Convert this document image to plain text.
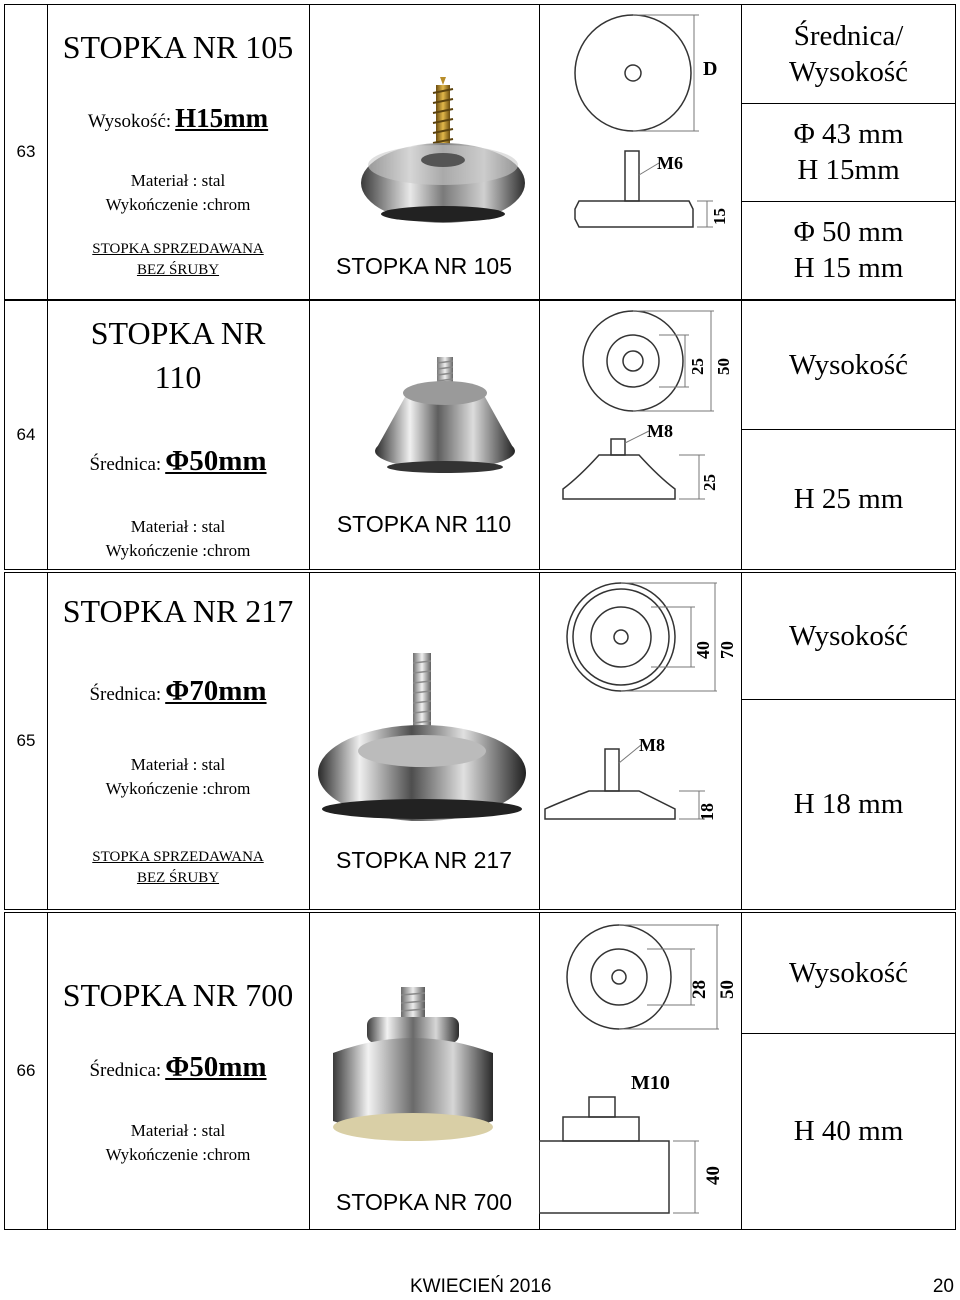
63
STOPKA NR 105
Wysokość: H15mm
Materiał : stal
Wykończenie :chrom
STOPKA SPRZEDAWANA BEZ ŚRUBY	STOPKA NR 105
D
M6
15
Średnica/ Wysokość
Φ 43 mm H 15mm
Φ 50 mm H 15 mm
64
STOPKA NR 110
Średnica: Φ50mm
Materiał : stal
Wykończenie :chrom
STOPKA NR 110
25 50
M8
25
Wysokość
H 25 mm
65
STOPKA NR 217
Średnica: Φ70mm
Materiał : stal
Wykończenie :chrom
STOPKA SPRZEDAWANA BEZ ŚRUBY
STOPKA NR 217
40 70
M8
18
Wysokość
H 18 mm
66
STOPKA NR 700
Średnica: Φ50mm
Materiał : stal
Wykończenie :chrom
STOPKA NR 700
28 50
M10
40
Wysokość
H 40 mm
KWIECIEŃ 2016	20
